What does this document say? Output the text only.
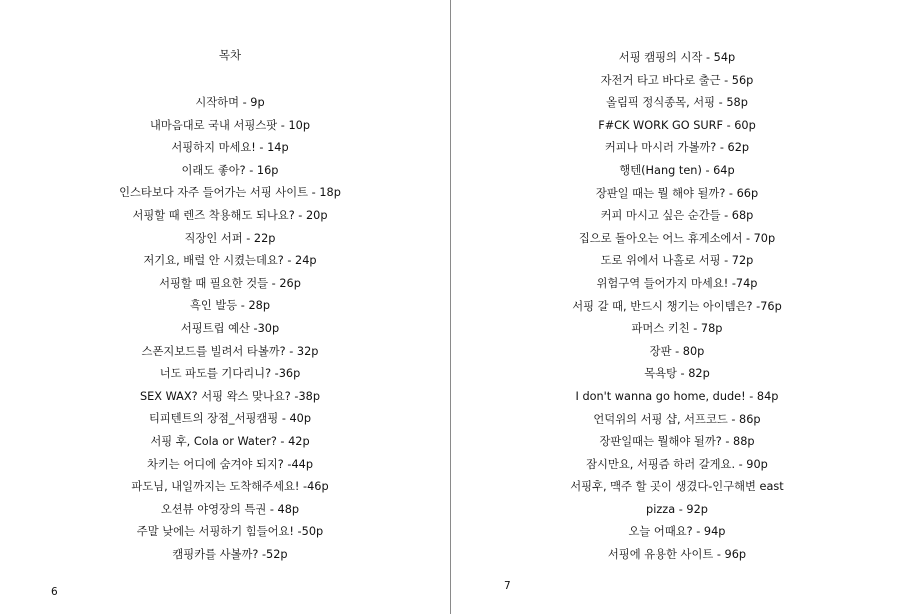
목차
시작하며 - 9p
내마음대로 국내 서핑스팟 - 10p
서핑하지 마세요! - 14p
이래도 좋아? - 16p
인스타보다 자주 들어가는 서핑 사이트 - 18p
서핑할 때 렌즈 착용해도 되나요? - 20p
직장인 서퍼 - 22p
저기요, 배럴 안 시켰는데요? - 24p
서핑할 때 필요한 것들 - 26p
흑인 발등 - 28p
서핑트립 예산 -30p
스폰지보드를 빌려서 타볼까? - 32p
너도 파도를 기다리니? -36p
SEX WAX? 서핑 왁스 맞나요? -38p
티피텐트의 장점_서핑캠핑 - 40p
서핑 후, Cola or Water? - 42p
차키는 어디에 숨겨야 되지? -44p
파도님, 내일까지는 도착해주세요! -46p
오션뷰 야영장의 특권 - 48p
주말 낮에는 서핑하기 힘들어요! -50p
캠핑카를 사볼까? -52p
6
서핑 캠핑의 시작 - 54p
자전거 타고 바다로 출근 - 56p
올림픽 정식종목, 서핑 - 58p
F#CK WORK GO SURF - 60p
커피나 마시러 가볼까? - 62p
행텐(Hang ten) - 64p
장판일 때는 뭘 해야 될까? - 66p
커피 마시고 싶은 순간들 - 68p
집으로 돌아오는 어느 휴게소에서 - 70p
도로 위에서 나홀로 서핑 - 72p
위험구역 들어가지 마세요! -74p
서핑 갈 때, 반드시 챙기는 아이템은? -76p
파머스 키친 - 78p
장판 - 80p
목욕탕 - 82p
I don't wanna go home, dude! - 84p
언덕위의 서핑 샵, 서프코드 - 86p
장판일때는 뭘해야 될까? - 88p
잠시만요, 서핑즘 하러 갈게요. - 90p
서핑후, 맥주 할 곳이 생겼다-인구해변 east
pizza - 92p
오늘 어때요? - 94p
서핑에 유용한 사이트 - 96p
7
